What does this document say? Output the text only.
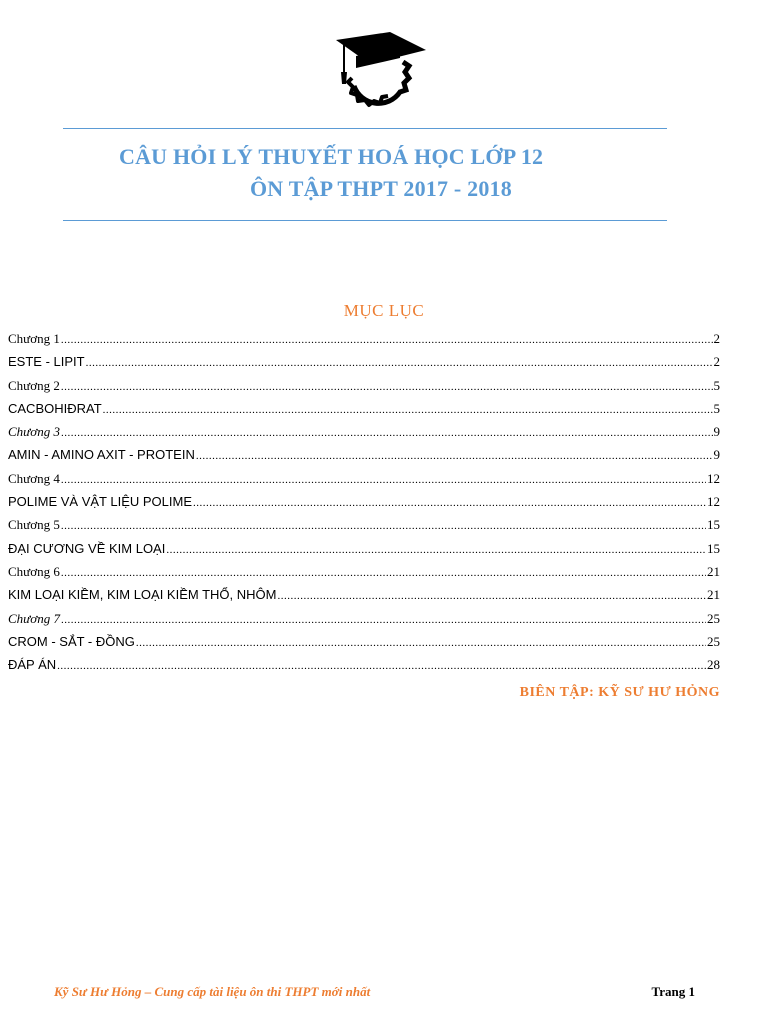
CÂU HỎI LÝ THUYẾT HOÁ HỌC LỚP 12
ÔN TẬP THPT 2017 - 2018
MỤC LỤC
Chương 1 .....	2
ESTE - LIPIT .....	2
Chương 2 .....	5
CACBOHIĐRAT .....	5
Chương 3 .....	9
AMIN - AMINO AXIT - PROTEIN .....	9
Chương 4 .....	12
POLIME VÀ VẬT LIỆU POLIME .....	12
Chương 5 .....	15
ĐẠI CƯƠNG VỀ KIM LOẠI .....	15
Chương 6 .....	21
KIM LOẠI KIỀM, KIM LOẠI KIỀM THỔ, NHÔM .....	21
Chương 7 .....	25
CROM - SẮT - ĐỒNG .....	25
ĐÁP ÁN .....	28
BIÊN TẬP: KỸ SƯ HƯ HỎNG
Kỹ Sư Hư Hỏng – Cung cấp tài liệu ôn thi THPT mới nhất	Trang 1
